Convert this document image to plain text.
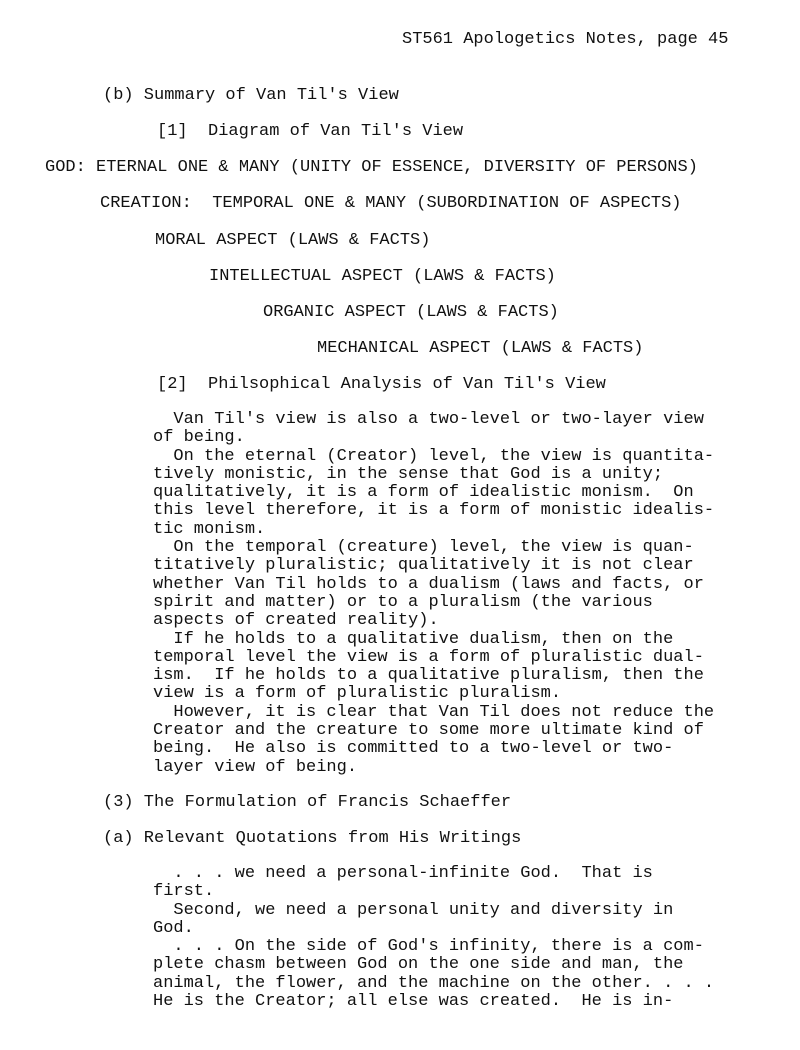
ST561 Apologetics Notes, page 45
(b) Summary of Van Til's View
[1]  Diagram of Van Til's View
GOD: ETERNAL ONE & MANY (UNITY OF ESSENCE, DIVERSITY OF PERSONS)
CREATION:  TEMPORAL ONE & MANY (SUBORDINATION OF ASPECTS)
MORAL ASPECT (LAWS & FACTS)
INTELLECTUAL ASPECT (LAWS & FACTS)
ORGANIC ASPECT (LAWS & FACTS)
MECHANICAL ASPECT (LAWS & FACTS)
[2]  Philsophical Analysis of Van Til's View
Van Til's view is also a two-level or two-layer view
of being.
On the eternal (Creator) level, the view is quantita-
tively monistic, in the sense that God is a unity;
qualitatively, it is a form of idealistic monism.  On
this level therefore, it is a form of monistic idealis-
tic monism.
On the temporal (creature) level, the view is quan-
titatively pluralistic; qualitatively it is not clear
whether Van Til holds to a dualism (laws and facts, or
spirit and matter) or to a pluralism (the various
aspects of created reality).
If he holds to a qualitative dualism, then on the
temporal level the view is a form of pluralistic dual-
ism.  If he holds to a qualitative pluralism, then the
view is a form of pluralistic pluralism.
However, it is clear that Van Til does not reduce the
Creator and the creature to some more ultimate kind of
being.  He also is committed to a two-level or two-
layer view of being.
(3) The Formulation of Francis Schaeffer
(a) Relevant Quotations from His Writings
. . . we need a personal-infinite God.  That is
first.
Second, we need a personal unity and diversity in
God.
. . . On the side of God's infinity, there is a com-
plete chasm between God on the one side and man, the
animal, the flower, and the machine on the other. . . .
He is the Creator; all else was created.  He is in-
